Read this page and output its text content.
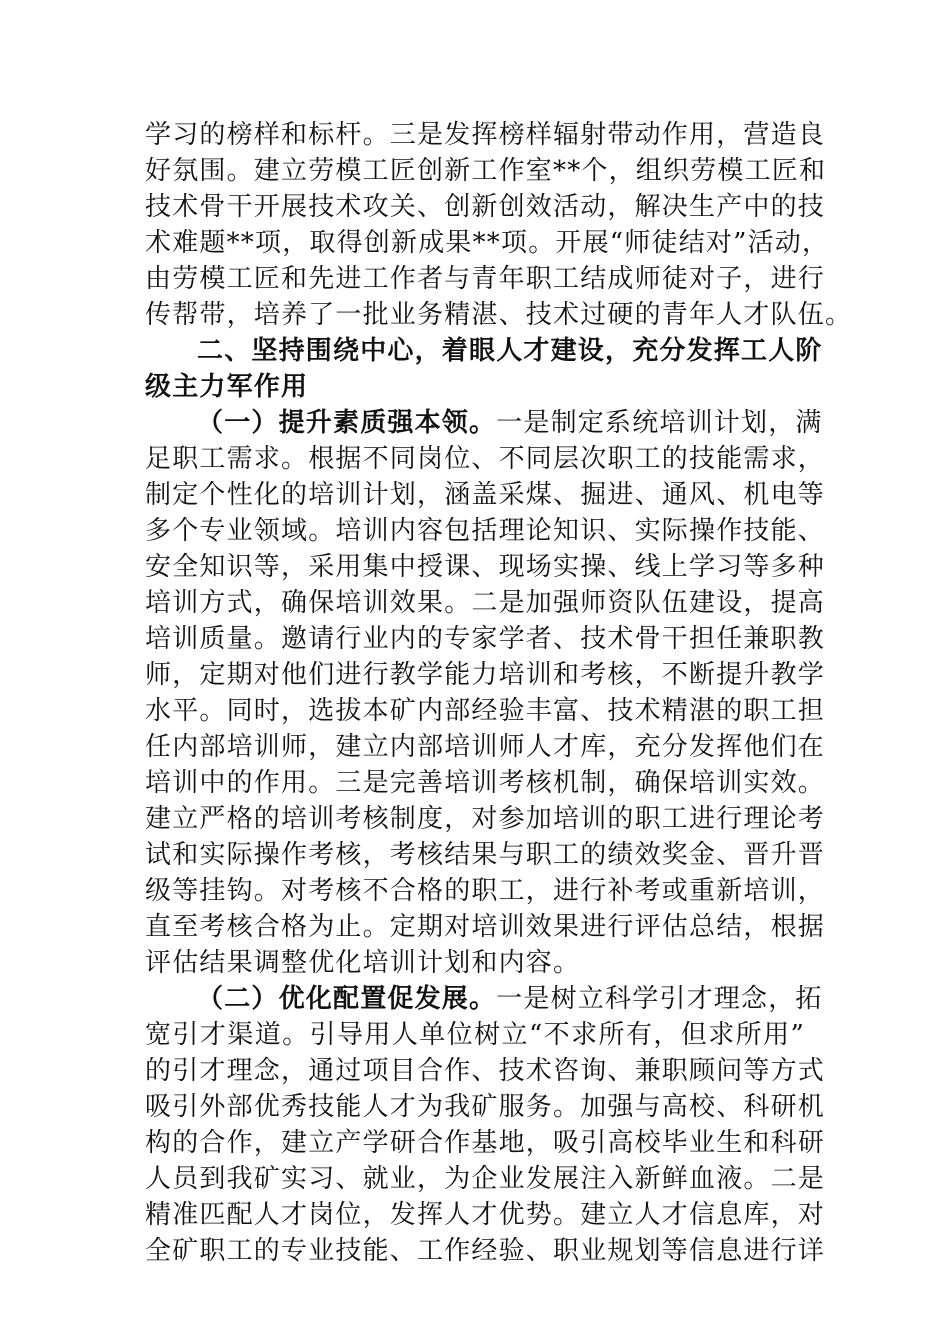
学习的榜样和标杆。三是发挥榜样辐射带动作用，营造良
好氛围。建立劳模工匠创新工作室**个，组织劳模工匠和
技术骨干开展技术攻关、创新创效活动，解决生产中的技
术难题**项，取得创新成果**项。开展“师徒结对”活动，
由劳模工匠和先进工作者与青年职工结成师徒对子，进行
传帮带，培养了一批业务精湛、技术过硬的青年人才队伍。
二、坚持围绕中心，着眼人才建设，充分发挥工人阶
级主力军作用
（一）提升素质强本领。一是制定系统培训计划，满
足职工需求。根据不同岗位、不同层次职工的技能需求，
制定个性化的培训计划，涵盖采煤、掘进、通风、机电等
多个专业领域。培训内容包括理论知识、实际操作技能、
安全知识等，采用集中授课、现场实操、线上学习等多种
培训方式，确保培训效果。二是加强师资队伍建设，提高
培训质量。邀请行业内的专家学者、技术骨干担任兼职教
师，定期对他们进行教学能力培训和考核，不断提升教学
水平。同时，选拔本矿内部经验丰富、技术精湛的职工担
任内部培训师，建立内部培训师人才库，充分发挥他们在
培训中的作用。三是完善培训考核机制，确保培训实效。
建立严格的培训考核制度，对参加培训的职工进行理论考
试和实际操作考核，考核结果与职工的绩效奖金、晋升晋
级等挂钩。对考核不合格的职工，进行补考或重新培训，
直至考核合格为止。定期对培训效果进行评估总结，根据
评估结果调整优化培训计划和内容。
（二）优化配置促发展。一是树立科学引才理念，拓
宽引才渠道。引导用人单位树立“不求所有，但求所用”
的引才理念，通过项目合作、技术咨询、兼职顾问等方式
吸引外部优秀技能人才为我矿服务。加强与高校、科研机
构的合作，建立产学研合作基地，吸引高校毕业生和科研
人员到我矿实习、就业，为企业发展注入新鲜血液。二是
精准匹配人才岗位，发挥人才优势。建立人才信息库，对
全矿职工的专业技能、工作经验、职业规划等信息进行详
